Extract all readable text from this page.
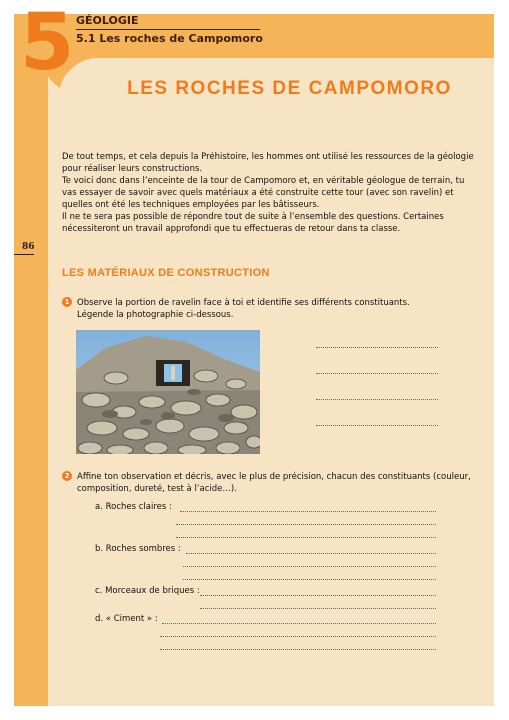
5 GÉOLOGIE
5.1 Les roches de Campomoro
LES ROCHES DE CAMPOMORO

De tout temps, et cela depuis la Préhistoire, les hommes ont utilisé les ressources de la géologie pour réaliser leurs constructions.

Te voici donc dans l’enceinte de la tour de Campomoro et, en véritable géologue de terrain, tu vas essayer de savoir avec quels matériaux a été construite cette tour (avec son ravelin) et quelles ont été les techniques employées par les bâtisseurs.

Il ne te sera pas possible de répondre tout de suite à l’ensemble des questions. Certaines nécessiteront un travail approfondi que tu effectueras de retour dans ta classe.

86
LES MATÉRIAUX DE CONSTRUCTION
1 Observe la portion de ravelin face à toi et identifie ses différents constituants.

Légende la photographie ci-dessous.

2 Affine ton observation et décris, avec le plus de précision, chacun des constituants (couleur,

composition, dureté, test à l’acide…).

a. Roches claires :
b. Roches sombres :
c. Morceaux de briques :
d. « Ciment » :
